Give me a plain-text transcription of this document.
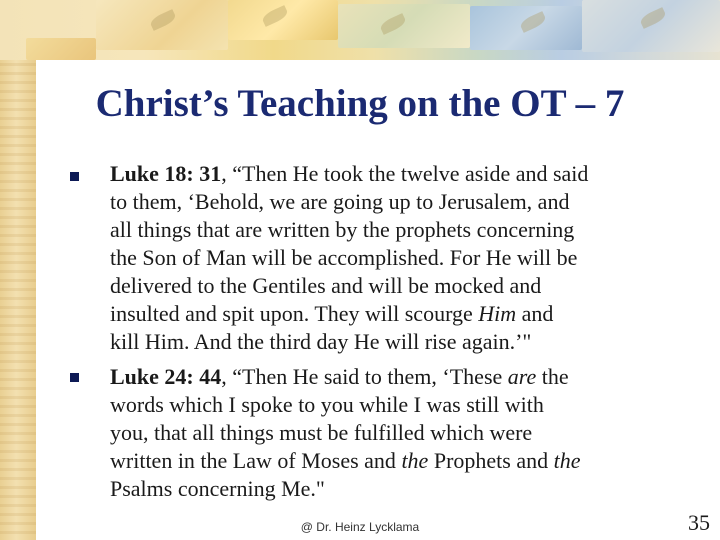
Christ’s Teaching on the OT – 7
Luke 18: 31, “Then He took the twelve aside and said
to them, ‘Behold, we are going up to Jerusalem, and
all things that are written by the prophets concerning
the Son of Man will be accomplished. For He will be
delivered to the Gentiles and will be mocked and
insulted and spit upon. They will scourge Him and
kill Him. And the third day He will rise again.’"
Luke 24: 44, “Then He said to them, ‘These are the
words which I spoke to you while I was still with
you, that all things must be fulfilled which were
written in the Law of Moses and the Prophets and the
Psalms concerning Me."
@ Dr. Heinz Lycklama	35
